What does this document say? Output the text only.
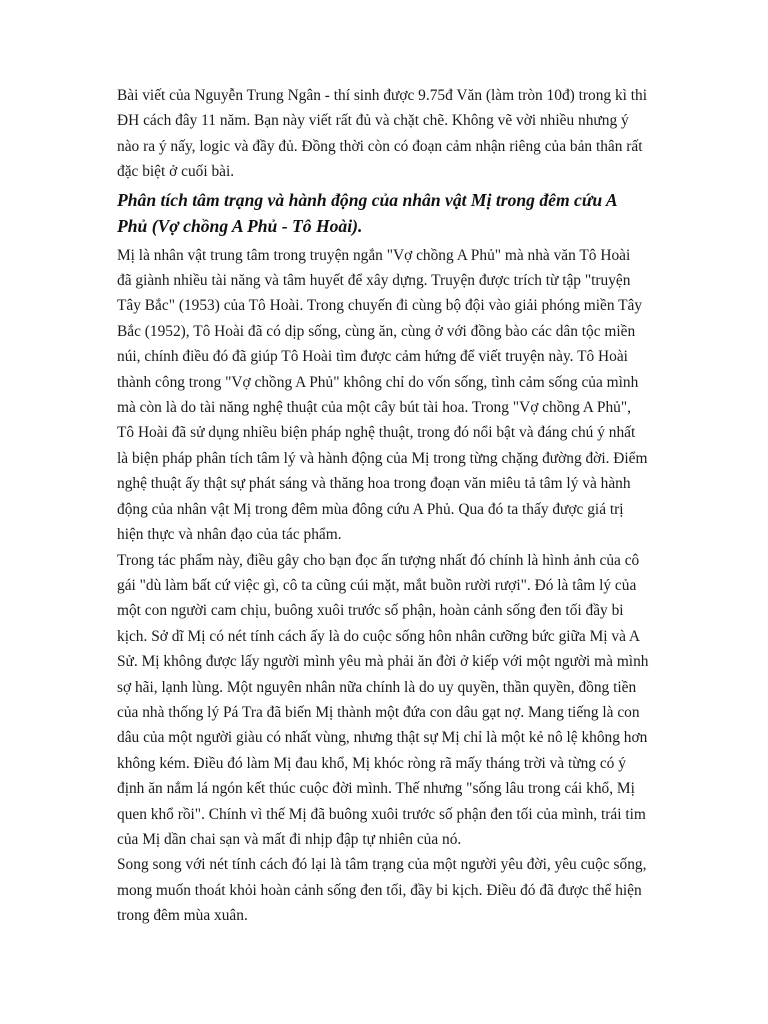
Bài viết của Nguyễn Trung Ngân - thí sinh được 9.75đ Văn (làm tròn 10đ) trong kì thi
ĐH cách đây 11 năm. Bạn này viết rất đủ và chặt chẽ. Không vẽ vời nhiều nhưng ý
nào ra ý nấy, logic và đầy đủ. Đồng thời còn có đoạn cảm nhận riêng của bản thân rất
đặc biệt ở cuối bài.
Phân tích tâm trạng và hành động của nhân vật Mị trong đêm cứu A
Phủ (Vợ chồng A Phủ - Tô Hoài).
Mị là nhân vật trung tâm trong truyện ngắn "Vợ chồng A Phủ" mà nhà văn Tô Hoài
đã giành nhiều tài năng và tâm huyết để xây dựng. Truyện được trích từ tập "truyện
Tây Bắc" (1953) của Tô Hoài. Trong chuyến đi cùng bộ đội vào giải phóng miền Tây
Bắc (1952), Tô Hoài đã có dịp sống, cùng ăn, cùng ở với đồng bào các dân tộc miền
núi, chính điều đó đã giúp Tô Hoài tìm được cảm hứng để viết truyện này. Tô Hoài
thành công trong "Vợ chồng A Phủ" không chỉ do vốn sống, tình cảm sống của mình
mà còn là do tài năng nghệ thuật của một cây bút tài hoa. Trong "Vợ chồng A Phủ",
Tô Hoài đã sử dụng nhiều biện pháp nghệ thuật, trong đó nổi bật và đáng chú ý nhất
là biện pháp phân tích tâm lý và hành động của Mị trong từng chặng đường đời. Điểm
nghệ thuật ấy thật sự phát sáng và thăng hoa trong đoạn văn miêu tả tâm lý và hành
động của nhân vật Mị trong đêm mùa đông cứu A Phủ. Qua đó ta thấy được giá trị
hiện thực và nhân đạo của tác phẩm.
Trong tác phẩm này, điều gây cho bạn đọc ấn tượng nhất đó chính là hình ảnh của cô
gái "dù làm bất cứ việc gì, cô ta cũng cúi mặt, mắt buồn rười rượi". Đó là tâm lý của
một con người cam chịu, buông xuôi trước số phận, hoàn cảnh sống đen tối đầy bi
kịch. Sở dĩ Mị có nét tính cách ấy là do cuộc sống hôn nhân cưỡng bức giữa Mị và A
Sử. Mị không được lấy người mình yêu mà phải ăn đời ở kiếp với một người mà mình
sợ hãi, lạnh lùng. Một nguyên nhân nữa chính là do uy quyền, thần quyền, đồng tiền
của nhà thống lý Pá Tra đã biến Mị thành một đứa con dâu gạt nợ. Mang tiếng là con
dâu của một người giàu có nhất vùng, nhưng thật sự Mị chỉ là một kẻ nô lệ không hơn
không kém. Điều đó làm Mị đau khổ, Mị khóc ròng rã mấy tháng trời và từng có ý
định ăn nắm lá ngón kết thúc cuộc đời mình. Thế nhưng "sống lâu trong cái khổ, Mị
quen khổ rồi". Chính vì thế Mị đã buông xuôi trước số phận đen tối của mình, trái tim
của Mị dần chai sạn và mất đi nhịp đập tự nhiên của nó.
Song song với nét tính cách đó lại là tâm trạng của một người yêu đời, yêu cuộc sống,
mong muốn thoát khỏi hoàn cảnh sống đen tối, đầy bi kịch. Điều đó đã được thể hiện
trong đêm mùa xuân.
